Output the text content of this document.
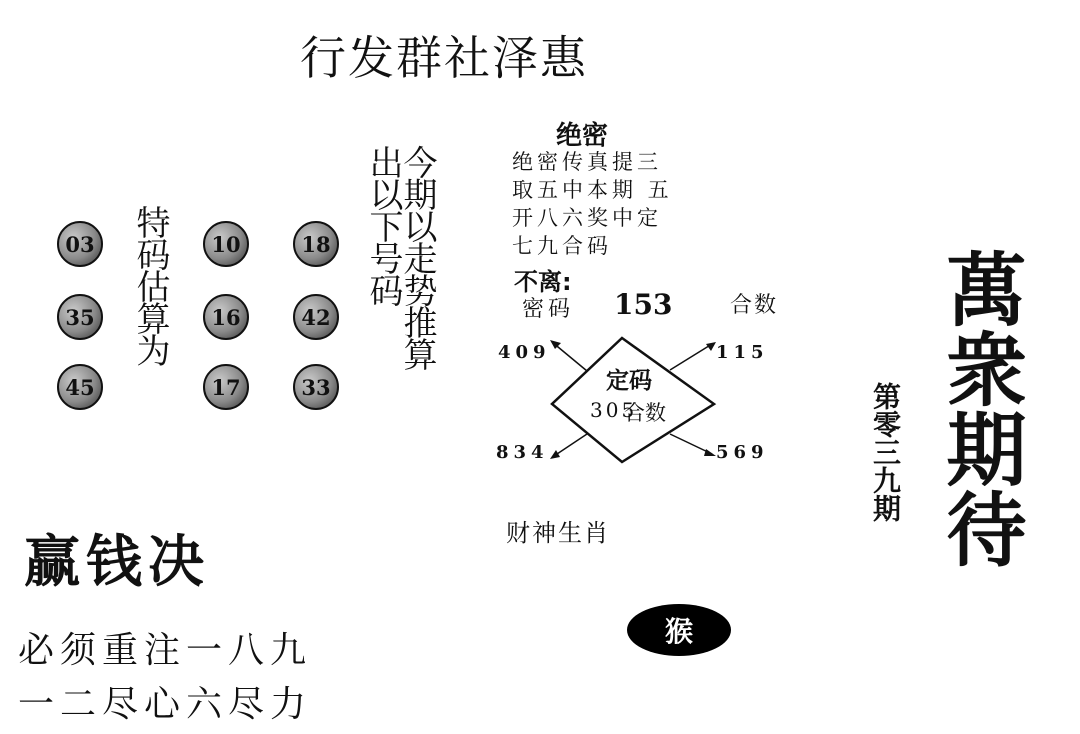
行发群社泽惠
03	10	18
35	16	42
45	17	33
特码估算为	今期以走势推算
出以下号码
绝密
绝密传真提三
取五中本期 五
开八六奖中定
七九合码
不离:
密码 153	合数
409	115
834	569
定码
305
合数
财神生肖
猴
赢钱决
必须重注一八九
一二尽心六尽力
萬衆期待
第零三九期
